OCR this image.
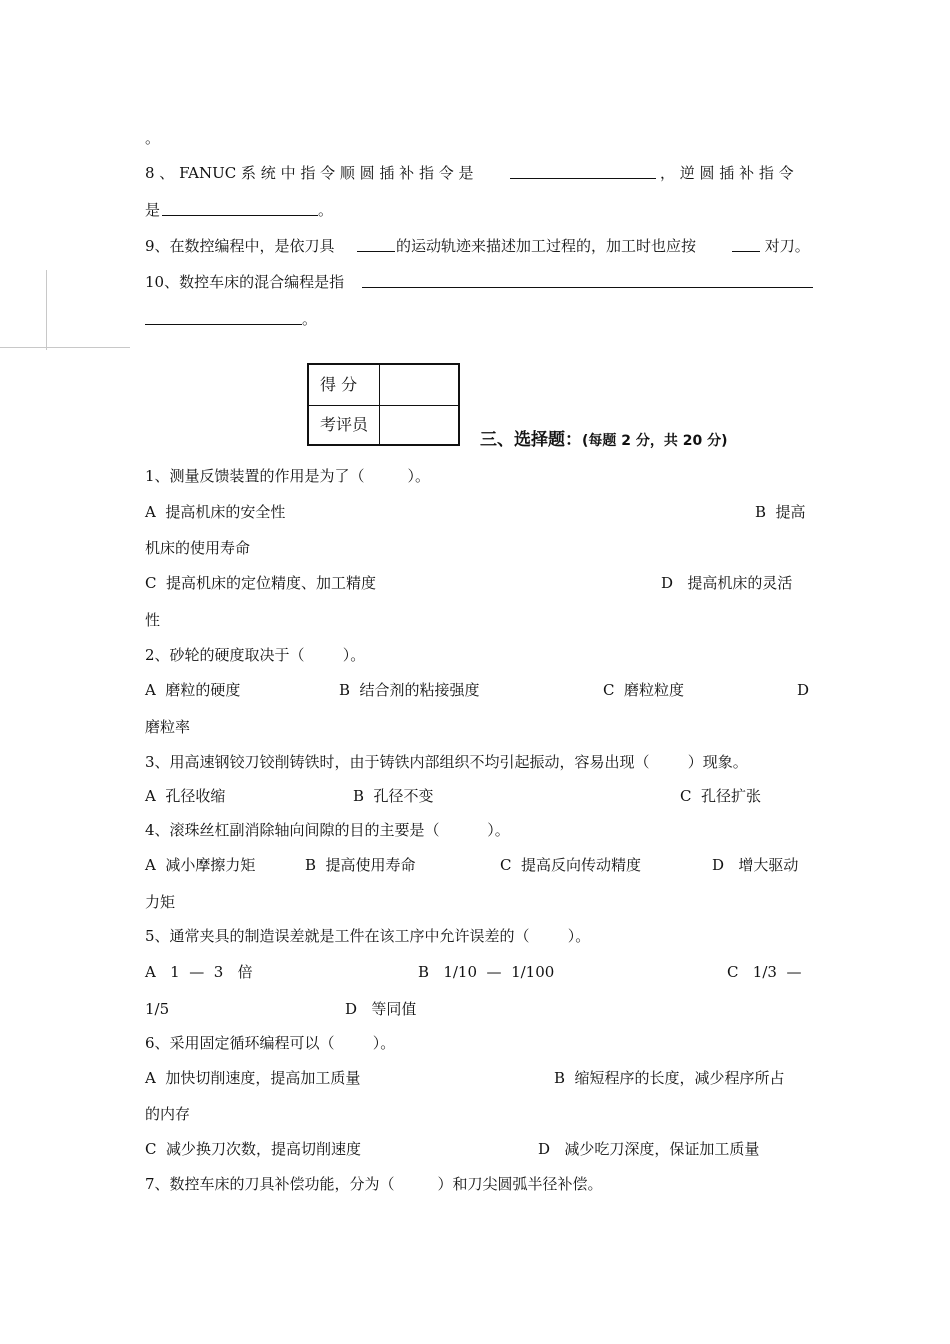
。
8 、 FANUC 系 统 中 指 令 顺 圆 插 补 指 令 是	， 逆 圆 插 补 指 令
是	。
9、在数控编程中，是依刀具	的运动轨迹来描述加工过程的，加工时也应按	对刀。
10、数控车床的混合编程是指
。
得 分
考评员
三、选择题：(每题 2 分，共 20 分)
1、测量反馈装置的作用是为了（         ）。
A  提高机床的安全性	B  提高
机床的使用寿命
C  提高机床的定位精度、加工精度	D   提高机床的灵活
性
2、砂轮的硬度取决于（        ）。
A  磨粒的硬度	B  结合剂的粘接强度	C  磨粒粒度	D
磨粒率
3、用高速钢铰刀铰削铸铁时，由于铸铁内部组织不均引起振动，容易出现（        ）现象。
A  孔径收缩	B  孔径不变	C  孔径扩张
4、滚珠丝杠副消除轴向间隙的目的主要是（          ）。
A  减小摩擦力矩	B  提高使用寿命	C  提高反向传动精度	D   增大驱动
力矩
5、通常夹具的制造误差就是工件在该工序中允许误差的（        ）。
A   1  —  3   倍	B   1/10  —  1/100	C   1/3  —
1/5	D   等同值
6、采用固定循环编程可以（        ）。
A  加快切削速度，提高加工质量	B  缩短程序的长度，减少程序所占
的内存
C  减少换刀次数，提高切削速度	D   减少吃刀深度，保证加工质量
7、数控车床的刀具补偿功能，分为（         ）和刀尖圆弧半径补偿。
